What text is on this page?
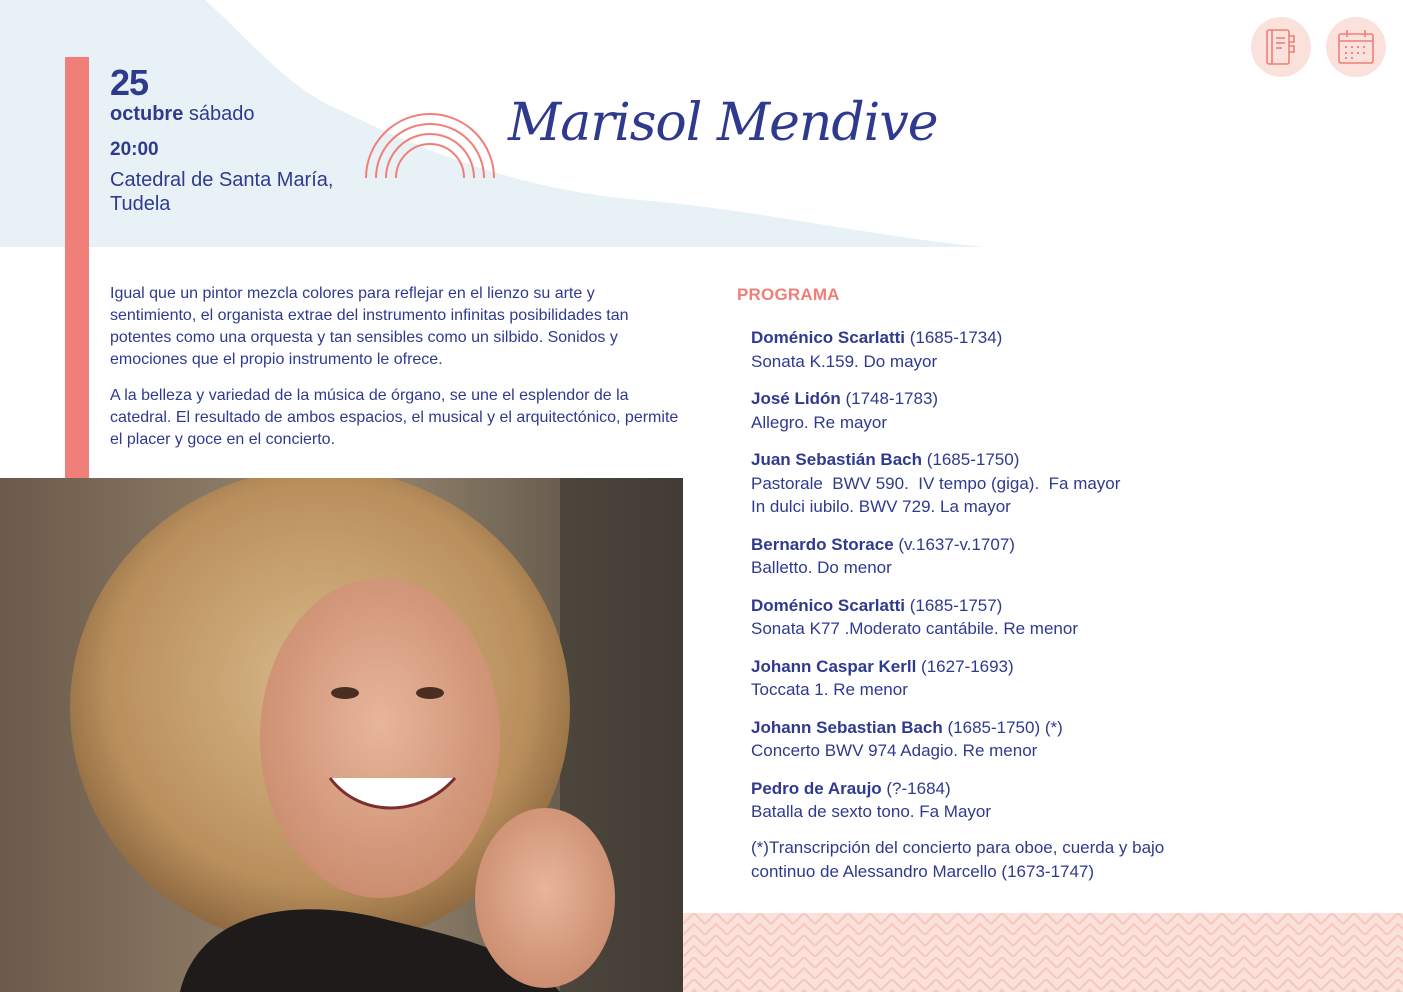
25
octubre sábado
20:00
Catedral de Santa María, Tudela
Marisol Mendive

Igual que un pintor mezcla colores para reflejar en el lienzo su arte y sentimiento, el organista extrae del instrumento infinitas posibilidades tan potentes como una orquesta y tan sensibles como un silbido. Sonidos y emociones que el propio instrumento le ofrece.

A la belleza y variedad de la música de órgano, se une el esplendor de la catedral. El resultado de ambos espacios, el musical y el arquitectónico, permite el placer y goce en el concierto.

PROGRAMA
Doménico Scarlatti (1685-1734)
Sonata K.159. Do mayor
José Lidón (1748-1783)
Allegro. Re mayor
Juan Sebastián Bach (1685-1750)
Pastorale  BWV 590.  IV tempo (giga).  Fa mayor
In dulci iubilo. BWV 729. La mayor
Bernardo Storace (v.1637-v.1707)
Balletto. Do menor
Doménico Scarlatti (1685-1757)
Sonata K77 .Moderato cantábile. Re menor
Johann Caspar Kerll (1627-1693)
Toccata 1. Re menor
Johann Sebastian Bach (1685-1750) (*)
Concerto BWV 974 Adagio. Re menor
Pedro de Araujo (?-1684)
Batalla de sexto tono. Fa Mayor
(*)Transcripción del concierto para oboe, cuerda y bajo continuo de Alessandro Marcello (1673-1747)
